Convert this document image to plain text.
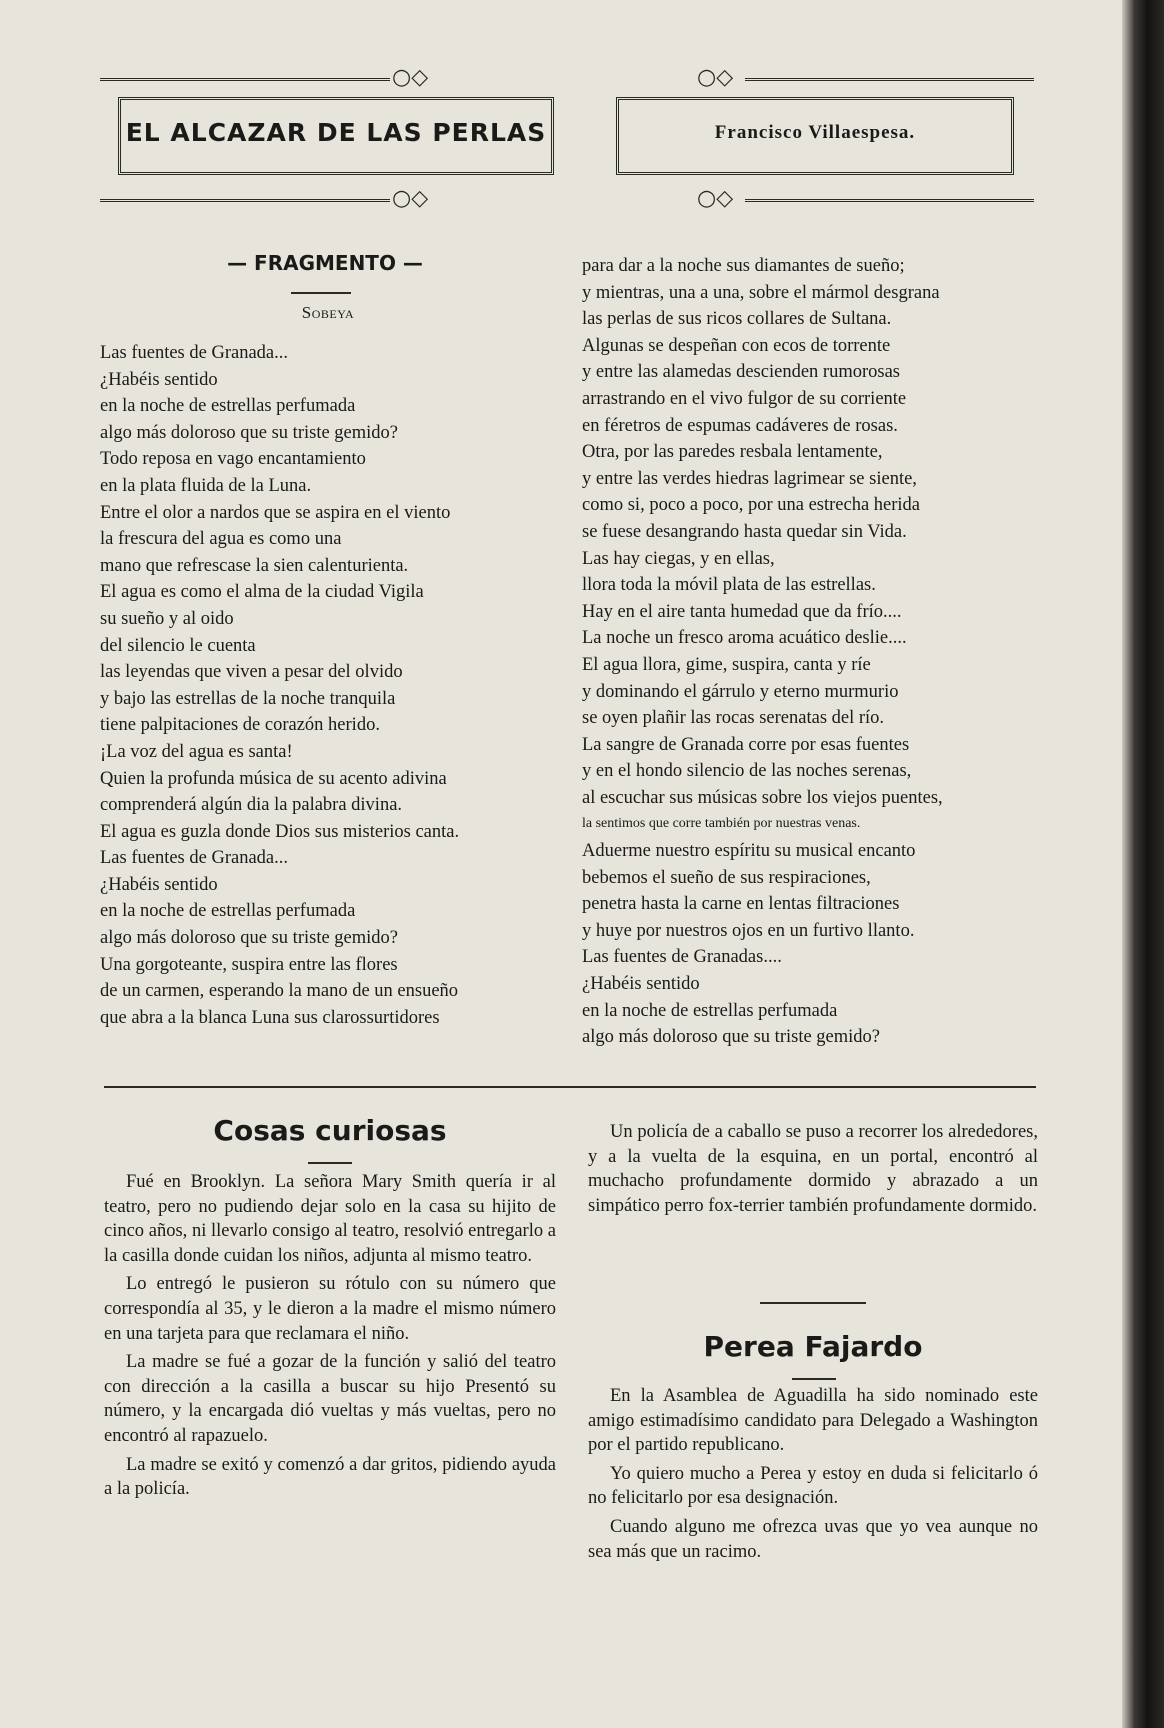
○◇	○◇
EL ALCAZAR DE LAS PERLAS	Francisco Villaespesa.
○◇	○◇
— FRAGMENTO —
Sobeya
Las fuentes de Granada...
¿Habéis sentido
en la noche de estrellas perfumada
algo más doloroso que su triste gemido?
Todo reposa en vago encantamiento
en la plata fluida de la Luna.
Entre el olor a nardos que se aspira en el viento
la frescura del agua es como una
mano que refrescase la sien calenturienta.
El agua es como el alma de la ciudad Vigila
su sueño y al oido
del silencio le cuenta
las leyendas que viven a pesar del olvido
y bajo las estrellas de la noche tranquila
tiene palpitaciones de corazón herido.
¡La voz del agua es santa!
Quien la profunda música de su acento adivina
comprenderá algún dia la palabra divina.
El agua es guzla donde Dios sus misterios canta.
Las fuentes de Granada...
¿Habéis sentido
en la noche de estrellas perfumada
algo más doloroso que su triste gemido?
Una gorgoteante, suspira entre las flores
de un carmen, esperando la mano de un ensueño
que abra a la blanca Luna sus clarossurtidores
para dar a la noche sus diamantes de sueño;
y mientras, una a una, sobre el mármol desgrana
las perlas de sus ricos collares de Sultana.
Algunas se despeñan con ecos de torrente
y entre las alamedas descienden rumorosas
arrastrando en el vivo fulgor de su corriente
en féretros de espumas cadáveres de rosas.
Otra, por las paredes resbala lentamente,
y entre las verdes hiedras lagrimear se siente,
como si, poco a poco, por una estrecha herida
se fuese desangrando hasta quedar sin Vida.
Las hay ciegas, y en ellas,
llora toda la móvil plata de las estrellas.
Hay en el aire tanta humedad que da frío....
La noche un fresco aroma acuático deslie....
El agua llora, gime, suspira, canta y ríe
y dominando el gárrulo y eterno murmurio
se oyen plañir las rocas serenatas del río.
La sangre de Granada corre por esas fuentes
y en el hondo silencio de las noches serenas,
al escuchar sus músicas sobre los viejos puentes,
la sentimos que corre también por nuestras venas.
Aduerme nuestro espíritu su musical encanto
bebemos el sueño de sus respiraciones,
penetra hasta la carne en lentas filtraciones
y huye por nuestros ojos en un furtivo llanto.
Las fuentes de Granadas....
¿Habéis sentido
en la noche de estrellas perfumada
algo más doloroso que su triste gemido?
Cosas curiosas

Fué en Brooklyn. La señora Mary Smith quería ir al teatro, pero no pudiendo dejar solo en la casa su hijito de cinco años, ni llevarlo consigo al teatro, resolvió entregarlo a la casilla donde cuidan los niños, adjunta al mismo teatro.

Lo entregó le pusieron su rótulo con su número que correspondía al 35, y le dieron a la madre el mismo número en una tarjeta para que reclamara el niño.

La madre se fué a gozar de la función y salió del teatro con dirección a la casilla a buscar su hijo Presentó su número, y la encargada dió vueltas y más vueltas, pero no encontró al rapazuelo.

La madre se exitó y comenzó a dar gritos, pidiendo ayuda a la policía.

Un policía de a caballo se puso a recorrer los alrededores, y a la vuelta de la esquina, en un portal, encontró al muchacho profundamente dormido y abrazado a un simpático perro fox-terrier también profundamente dormido.

Perea Fajardo

En la Asamblea de Aguadilla ha sido nominado este amigo estimadísimo candidato para Delegado a Washington por el partido republicano.

Yo quiero mucho a Perea y estoy en duda si felicitarlo ó no felicitarlo por esa designación.

Cuando alguno me ofrezca uvas que yo vea aunque no sea más que un racimo.
